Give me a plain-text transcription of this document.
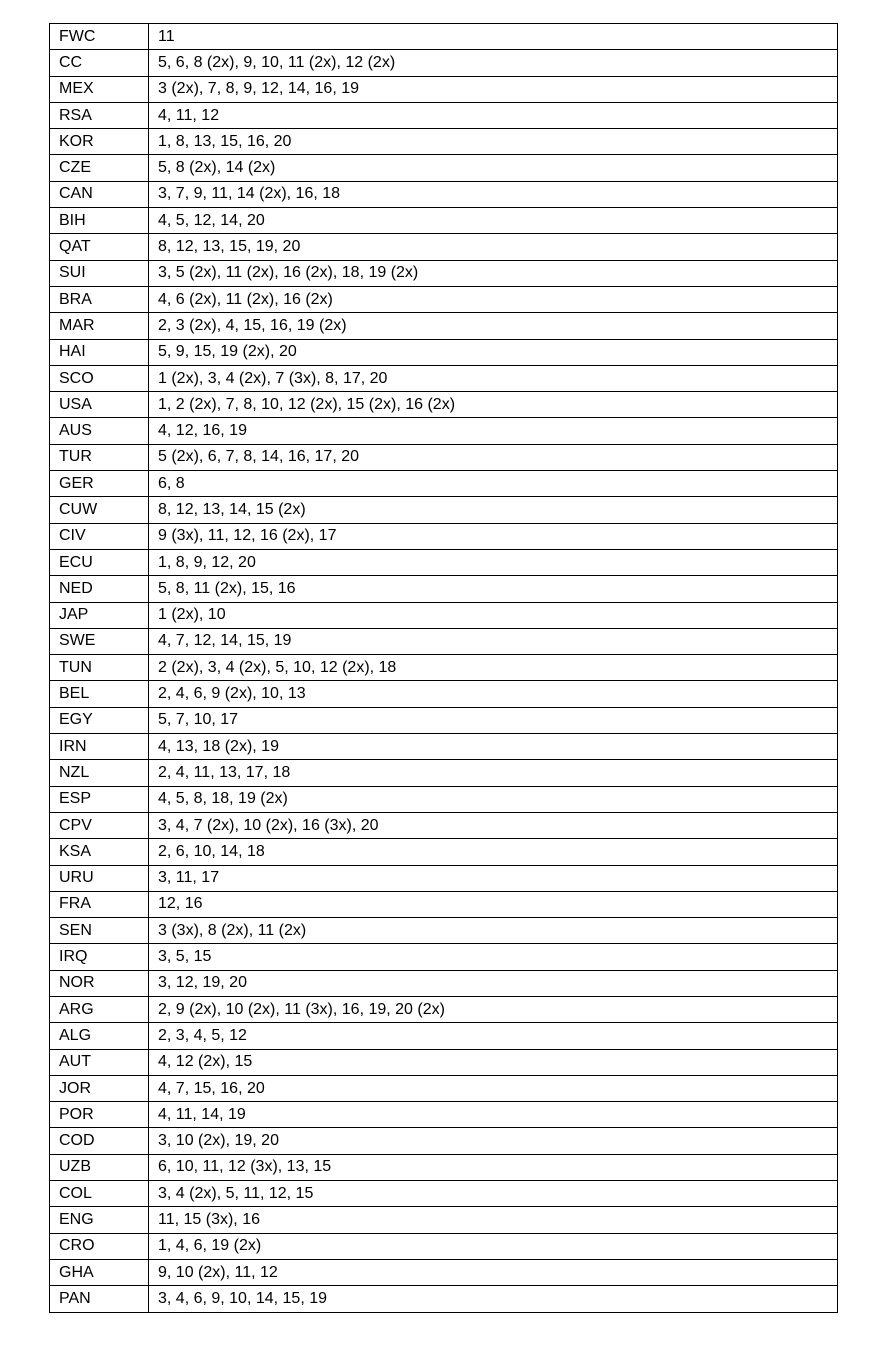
FWC	11
CC	5, 6, 8 (2x), 9, 10, 11 (2x), 12 (2x)
MEX	3 (2x), 7, 8, 9, 12, 14, 16, 19
RSA	4, 11, 12
KOR	1, 8, 13, 15, 16, 20
CZE	5, 8 (2x), 14 (2x)
CAN	3, 7, 9, 11, 14 (2x), 16, 18
BIH	4, 5, 12, 14, 20
QAT	8, 12, 13, 15, 19, 20
SUI	3, 5 (2x), 11 (2x), 16 (2x), 18, 19 (2x)
BRA	4, 6 (2x), 11 (2x), 16 (2x)
MAR	2, 3 (2x), 4, 15, 16, 19 (2x)
HAI	5, 9, 15, 19 (2x), 20
SCO	1 (2x), 3, 4 (2x), 7 (3x), 8, 17, 20
USA	1, 2 (2x), 7, 8, 10, 12 (2x), 15 (2x), 16 (2x)
AUS	4, 12, 16, 19
TUR	5 (2x), 6, 7, 8, 14, 16, 17, 20
GER	6, 8
CUW	8, 12, 13, 14, 15 (2x)
CIV	9 (3x), 11, 12, 16 (2x), 17
ECU	1, 8, 9, 12, 20
NED	5, 8, 11 (2x), 15, 16
JAP	1 (2x), 10
SWE	4, 7, 12, 14, 15, 19
TUN	2 (2x), 3, 4 (2x), 5, 10, 12 (2x), 18
BEL	2, 4, 6, 9 (2x), 10, 13
EGY	5, 7, 10, 17
IRN	4, 13, 18 (2x), 19
NZL	2, 4, 11, 13, 17, 18
ESP	4, 5, 8, 18, 19 (2x)
CPV	3, 4, 7 (2x), 10 (2x), 16 (3x), 20
KSA	2, 6, 10, 14, 18
URU	3, 11, 17
FRA	12, 16
SEN	3 (3x), 8 (2x), 11 (2x)
IRQ	3, 5, 15
NOR	3, 12, 19, 20
ARG	2, 9 (2x), 10 (2x), 11 (3x), 16, 19, 20 (2x)
ALG	2, 3, 4, 5, 12
AUT	4, 12 (2x), 15
JOR	4, 7, 15, 16, 20
POR	4, 11, 14, 19
COD	3, 10 (2x), 19, 20
UZB	6, 10, 11, 12 (3x), 13, 15
COL	3, 4 (2x), 5, 11, 12, 15
ENG	11, 15 (3x), 16
CRO	1, 4, 6, 19 (2x)
GHA	9, 10 (2x), 11, 12
PAN	3, 4, 6, 9, 10, 14, 15, 19
